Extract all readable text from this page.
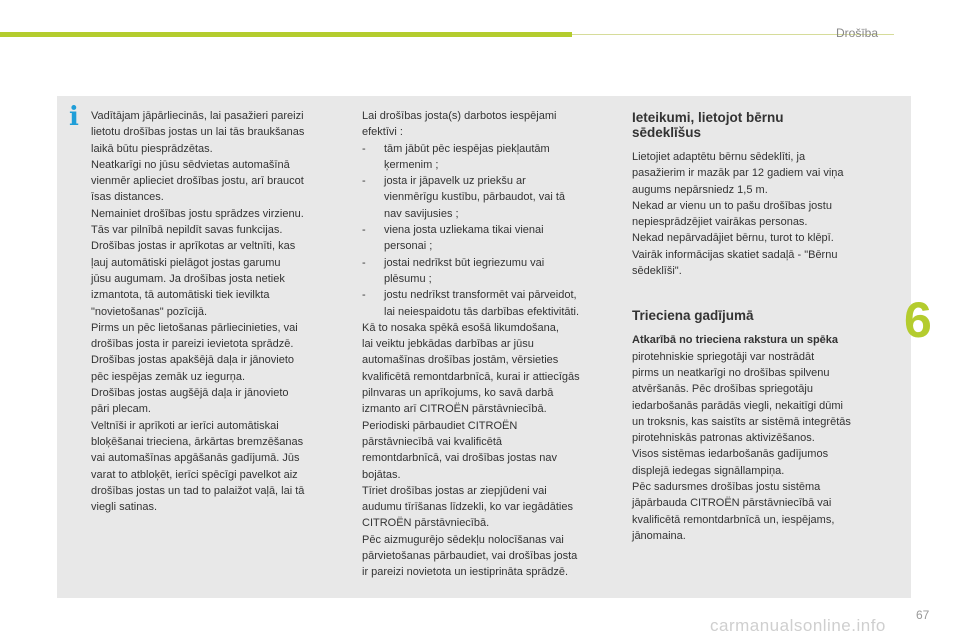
Drošība
i Vadītājam jāpārliecinās, lai pasažieri pareizi

lietotu drošības jostas un lai tās braukšanas

laikā būtu piesprādzētas.

Neatkarīgi no jūsu sēdvietas automašīnā

vienmēr aplieciet drošības jostu, arī braucot

īsas distances.

Nemainiet drošības jostu sprādzes virzienu.

Tās var pilnībā nepildīt savas funkcijas.

Drošības jostas ir aprīkotas ar veltnīti, kas

ļauj automātiski pielāgot jostas garumu

jūsu augumam. Ja drošības josta netiek

izmantota, tā automātiski tiek ievilkta

"novietošanas" pozīcijā.

Pirms un pēc lietošanas pārliecinieties, vai

drošības josta ir pareizi ievietota sprādzē.

Drošības jostas apakšējā daļa ir jānovieto

pēc iespējas zemāk uz iegurņa.

Drošības jostas augšējā daļa ir jānovieto

pāri plecam.

Veltnīši ir aprīkoti ar ierīci automātiskai

bloķēšanai trieciena, ārkārtas bremzēšanas

vai automašīnas apgāšanās gadījumā. Jūs

varat to atbloķēt, ierīci spēcīgi pavelkot aiz

drošības jostas un tad to palaižot vaļā, lai tā

viegli satinas.

Lai drošības josta(s) darbotos iespējami

efektīvi :

-	tām jābūt pēc iespējas piekļautām

ķermenim ;

-	josta ir jāpavelk uz priekšu ar

vienmērīgu kustību, pārbaudot, vai tā

nav savijusies ;

-	viena josta uzliekama tikai vienai

personai ;

-	jostai nedrīkst būt iegriezumu vai

plēsumu ;

-	jostu nedrīkst transformēt vai pārveidot,

lai neiespaidotu tās darbības efektivitāti.

Kā to nosaka spēkā esošā likumdošana,

lai veiktu jebkādas darbības ar jūsu

automašīnas drošības jostām, vērsieties

kvalificētā remontdarbnīcā, kurai ir attiecīgās

pilnvaras un aprīkojums, ko savā darbā

izmanto arī CITROËN pārstāvniecībā.

Periodiski pārbaudiet CITROËN

pārstāvniecībā vai kvalificētā

remontdarbnīcā, vai drošības jostas nav

bojātas.

Tīriet drošības jostas ar ziepjūdeni vai

audumu tīrīšanas līdzekli, ko var iegādāties

CITROËN pārstāvniecībā.

Pēc aizmugurējo sēdekļu nolocīšanas vai

pārvietošanas pārbaudiet, vai drošības josta

ir pareizi novietota un iestiprināta sprādzē.

Ieteikumi, lietojot bērnu

sēdeklīšus

Lietojiet adaptētu bērnu sēdeklīti, ja

pasažierim ir mazāk par 12 gadiem vai viņa

augums nepārsniedz 1,5 m.

Nekad ar vienu un to pašu drošības jostu

nepiesprādzējiet vairākas personas.

Nekad nepārvadājiet bērnu, turot to klēpī.

Vairāk informācijas skatiet sadaļā - "Bērnu

sēdeklīši".

Trieciena gadījumā

Atkarībā no trieciena rakstura un spēka

pirotehniskie spriegotāji var nostrādāt

pirms un neatkarīgi no drošības spilvenu

atvēršanās. Pēc drošības spriegotāju

iedarbošanās parādās viegli, nekaitīgi dūmi

un troksnis, kas saistīts ar sistēmā integrētās

pirotehniskās patronas aktivizēšanos.

Visos sistēmas iedarbošanās gadījumos

displejā iedegas signāllampiņa.

Pēc sadursmes drošības jostu sistēma

jāpārbauda CITROËN pārstāvniecībā vai

kvalificētā remontdarbnīcā un, iespējams,

jānomaina.

6
carmanualsonline.info
67
